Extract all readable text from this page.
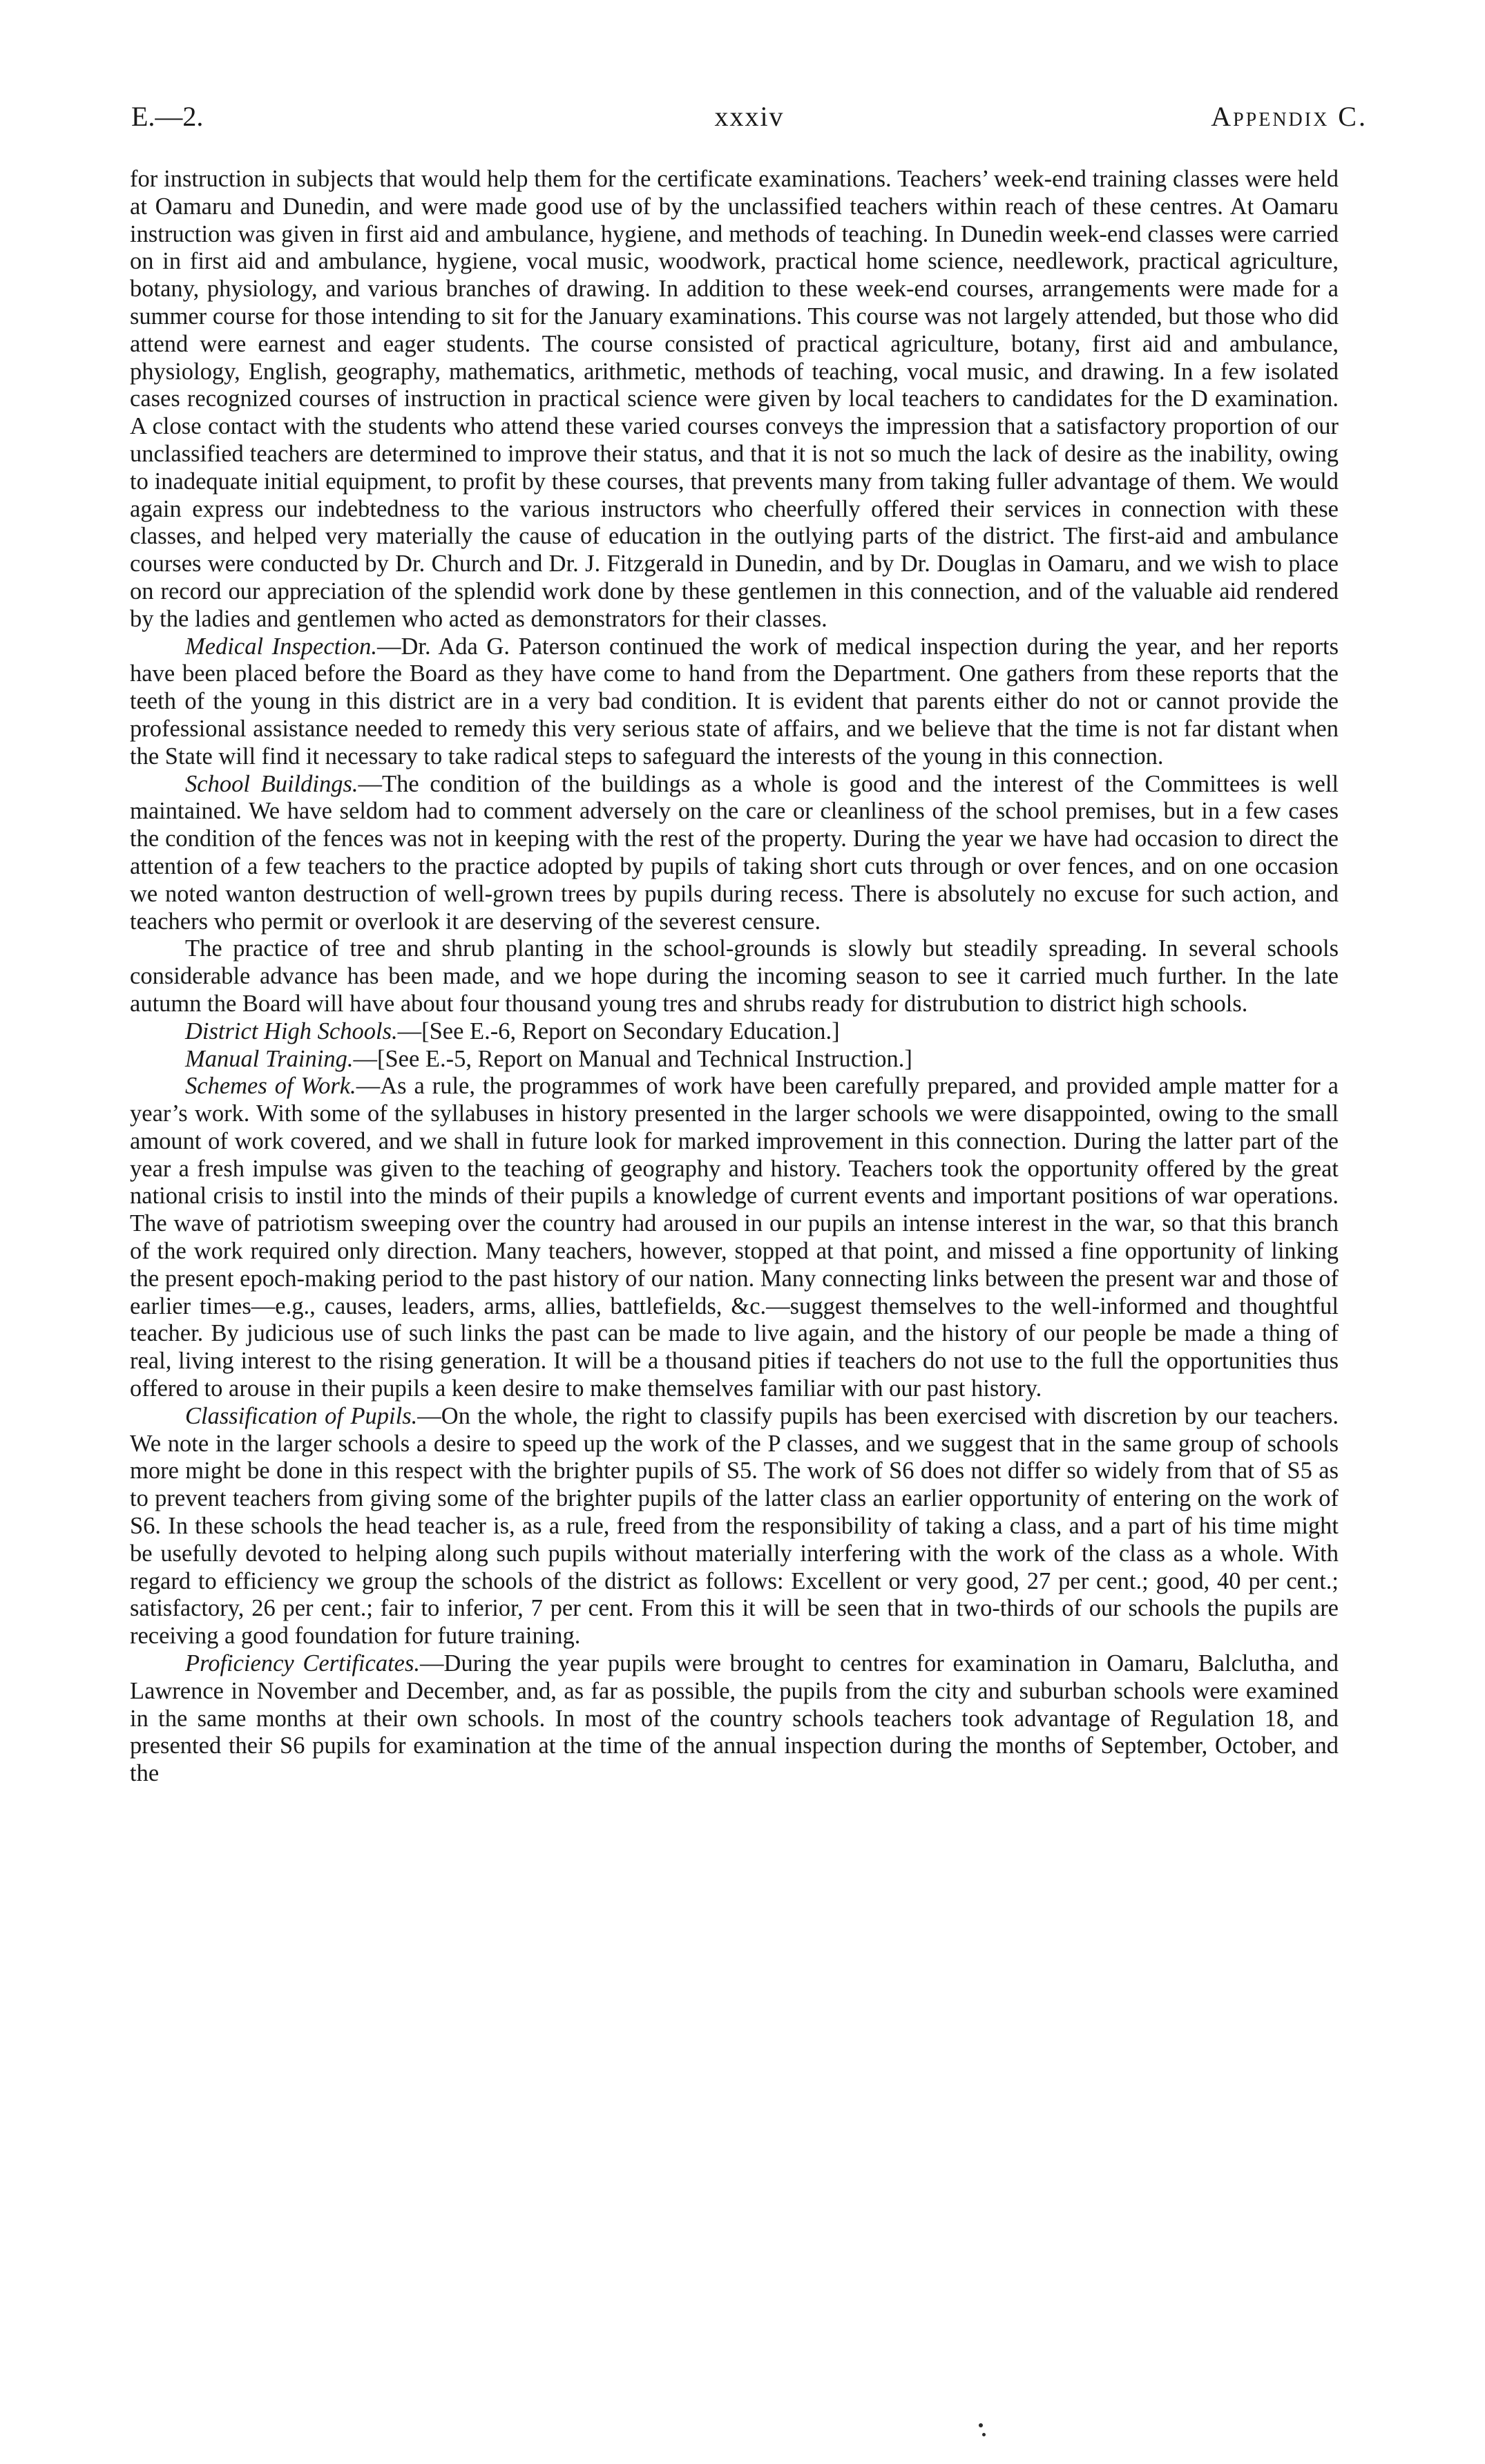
E.—2.	xxxiv	Appendix C.

for instruction in subjects that would help them for the certificate examinations. Teachers’ week-end training classes were held at Oamaru and Dunedin, and were made good use of by the unclassified teachers within reach of these centres. At Oamaru instruction was given in first aid and ambulance, hygiene, and methods of teaching. In Dunedin week-end classes were carried on in first aid and ambulance, hygiene, vocal music, woodwork, practical home science, needlework, practical agriculture, botany, physiology, and various branches of drawing. In addition to these week-end courses, arrangements were made for a summer course for those intending to sit for the January examinations. This course was not largely attended, but those who did attend were earnest and eager students. The course consisted of practical agriculture, botany, first aid and ambulance, physiology, English, geography, mathematics, arithmetic, methods of teaching, vocal music, and drawing. In a few isolated cases recognized courses of instruction in practical science were given by local teachers to candidates for the D examination. A close contact with the students who attend these varied courses conveys the impression that a satisfactory proportion of our unclassified teachers are determined to improve their status, and that it is not so much the lack of desire as the inability, owing to inadequate initial equipment, to profit by these courses, that prevents many from taking fuller advantage of them. We would again express our indebtedness to the various instructors who cheerfully offered their services in connection with these classes, and helped very materially the cause of education in the outlying parts of the district. The first-aid and ambulance courses were conducted by Dr. Church and Dr. J. Fitzgerald in Dunedin, and by Dr. Douglas in Oamaru, and we wish to place on record our appreciation of the splendid work done by these gentlemen in this connection, and of the valuable aid rendered by the ladies and gentlemen who acted as demonstrators for their classes.

Medical Inspection.—Dr. Ada G. Paterson continued the work of medical inspection during the year, and her reports have been placed before the Board as they have come to hand from the Department. One gathers from these reports that the teeth of the young in this district are in a very bad condition. It is evident that parents either do not or cannot provide the professional assistance needed to remedy this very serious state of affairs, and we believe that the time is not far distant when the State will find it necessary to take radical steps to safeguard the interests of the young in this connection.

School Buildings.—The condition of the buildings as a whole is good and the interest of the Committees is well maintained. We have seldom had to comment adversely on the care or cleanliness of the school premises, but in a few cases the condition of the fences was not in keeping with the rest of the property. During the year we have had occasion to direct the attention of a few teachers to the practice adopted by pupils of taking short cuts through or over fences, and on one occasion we noted wanton destruction of well-grown trees by pupils during recess. There is absolutely no excuse for such action, and teachers who permit or overlook it are deserving of the severest censure.

The practice of tree and shrub planting in the school-grounds is slowly but steadily spreading. In several schools considerable advance has been made, and we hope during the incoming season to see it carried much further. In the late autumn the Board will have about four thousand young tres and shrubs ready for distrubution to district high schools.

District High Schools.—[See E.-6, Report on Secondary Education.]

Manual Training.—[See E.-5, Report on Manual and Technical Instruction.]

Schemes of Work.—As a rule, the programmes of work have been carefully prepared, and provided ample matter for a year’s work. With some of the syllabuses in history presented in the larger schools we were disappointed, owing to the small amount of work covered, and we shall in future look for marked improvement in this connection. During the latter part of the year a fresh impulse was given to the teaching of geography and history. Teachers took the opportunity offered by the great national crisis to instil into the minds of their pupils a knowledge of current events and important positions of war operations. The wave of patriotism sweeping over the country had aroused in our pupils an intense interest in the war, so that this branch of the work required only direction. Many teachers, however, stopped at that point, and missed a fine opportunity of linking the present epoch-making period to the past history of our nation. Many connecting links between the present war and those of earlier times—e.g., causes, leaders, arms, allies, battlefields, &c.—suggest themselves to the well-informed and thoughtful teacher. By judicious use of such links the past can be made to live again, and the history of our people be made a thing of real, living interest to the rising generation. It will be a thousand pities if teachers do not use to the full the opportunities thus offered to arouse in their pupils a keen desire to make themselves familiar with our past history.

Classification of Pupils.—On the whole, the right to classify pupils has been exercised with discretion by our teachers. We note in the larger schools a desire to speed up the work of the P classes, and we suggest that in the same group of schools more might be done in this respect with the brighter pupils of S5. The work of S6 does not differ so widely from that of S5 as to prevent teachers from giving some of the brighter pupils of the latter class an earlier opportunity of entering on the work of S6. In these schools the head teacher is, as a rule, freed from the responsibility of taking a class, and a part of his time might be usefully devoted to helping along such pupils without materially interfering with the work of the class as a whole. With regard to efficiency we group the schools of the district as follows: Excellent or very good, 27 per cent.; good, 40 per cent.; satisfactory, 26 per cent.; fair to inferior, 7 per cent. From this it will be seen that in two-thirds of our schools the pupils are receiving a good foundation for future training.

Proficiency Certificates.—During the year pupils were brought to centres for examination in Oamaru, Balclutha, and Lawrence in November and December, and, as far as possible, the pupils from the city and suburban schools were examined in the same months at their own schools. In most of the country schools teachers took advantage of Regulation 18, and presented their S6 pupils for examination at the time of the annual inspection during the months of September, October, and the
